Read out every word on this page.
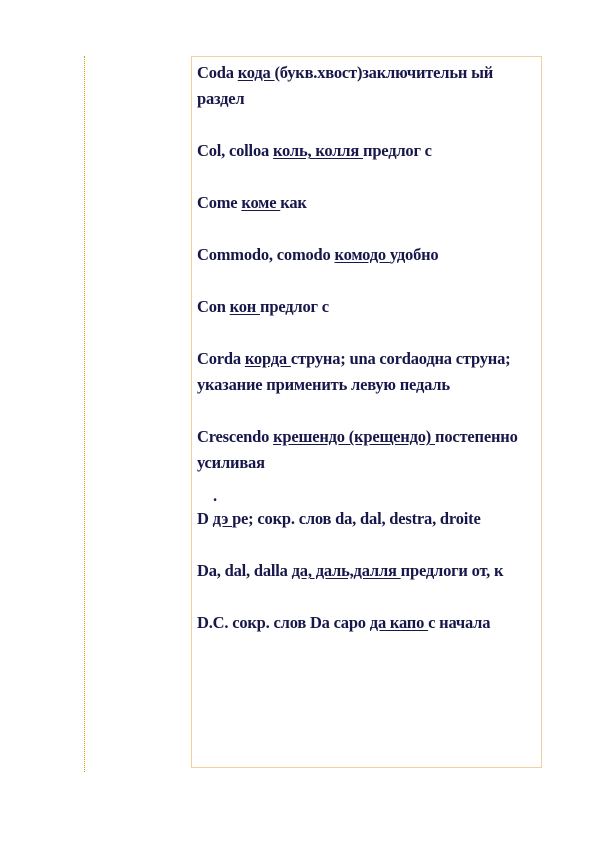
Coda кода (букв.хвост)заключительн ый раздел
Col, colloa коль, колля предлог с
Come коме как
Commodo, comodo комодо удобно
Con кон предлог с
Corda корда струна; una cordaодна струна; указание применить левую педаль
Crescendo крешендо (крещендо) постепенно усиливая
.
D дэ ре; сокр. слов da, dal, destra, droite
Da, dal, dalla да, даль,далля предлоги от, к
D.C. сокр. слов Da capo да капо с начала
